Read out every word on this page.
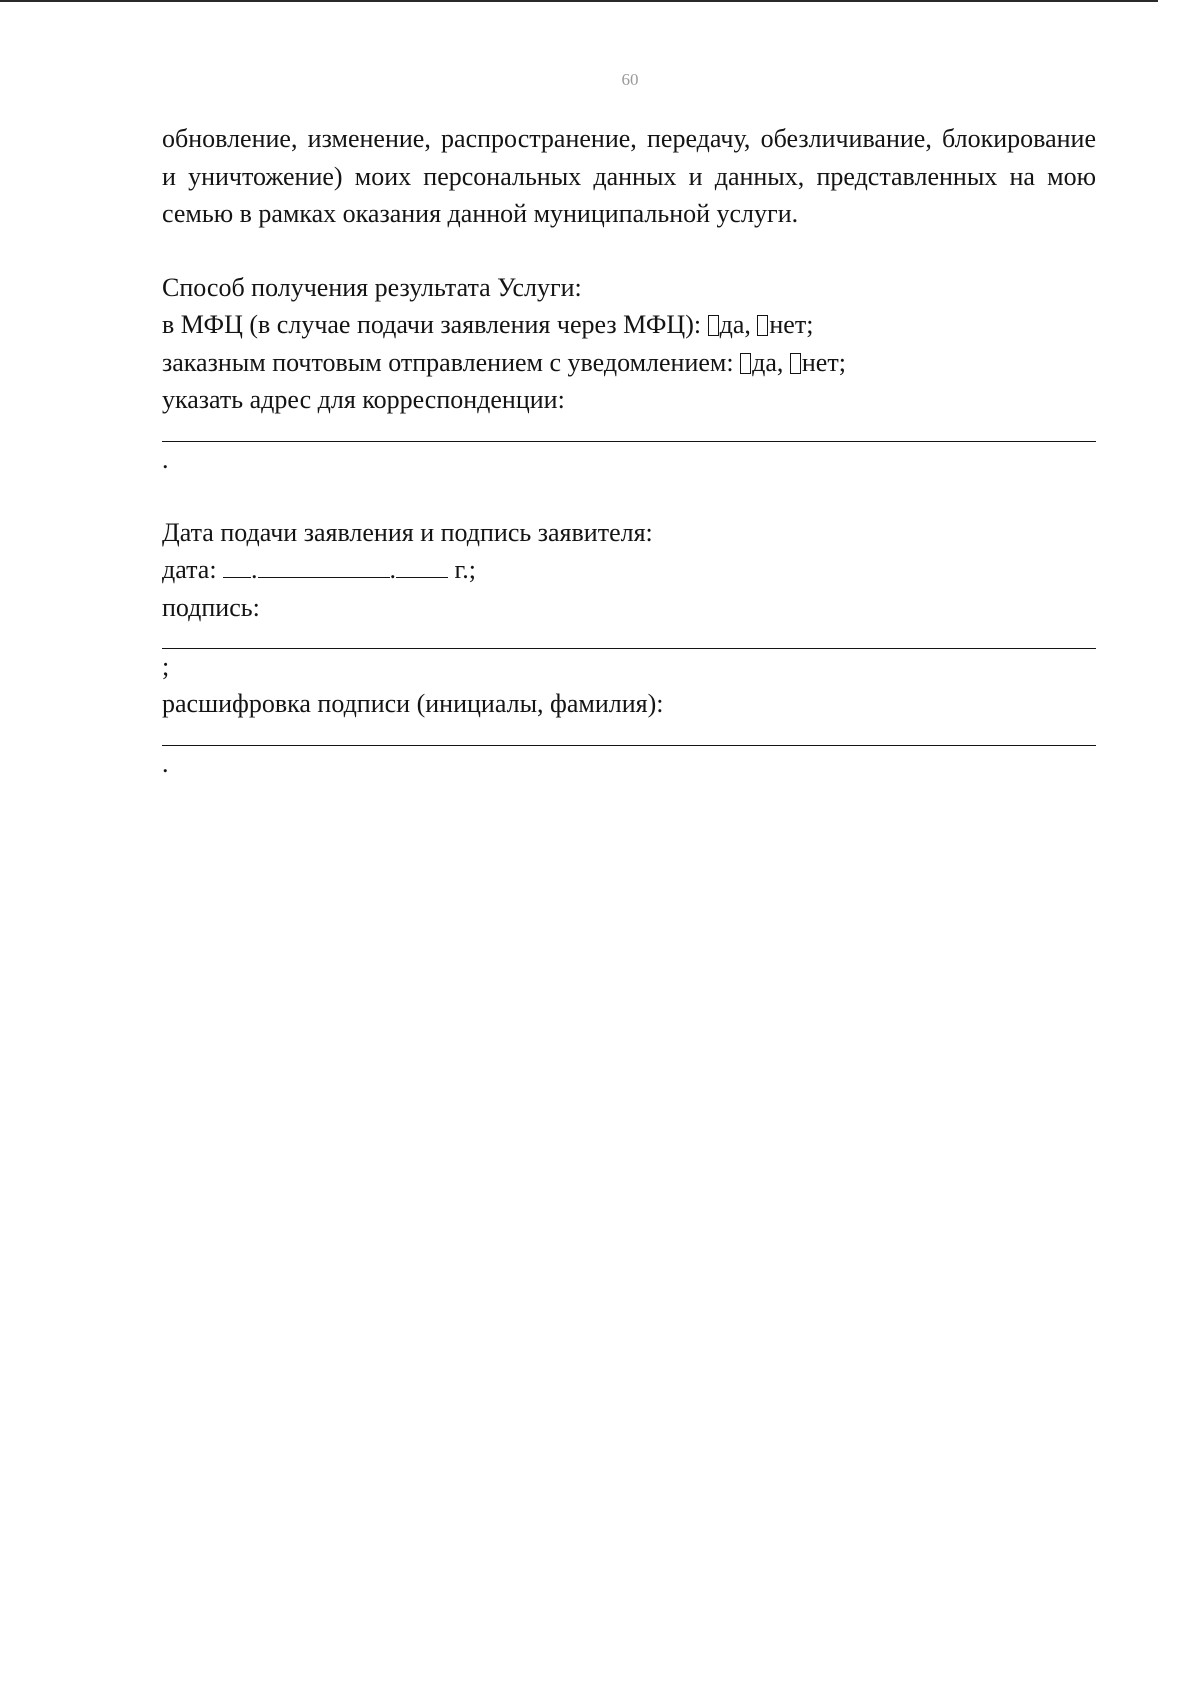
60

обновление, изменение, распространение, передачу, обезличивание, блокирование и уничтожение) моих персональных данных и данных, представленных на мою семью в рамках оказания данной муниципальной услуги.

Способ получения результата Услуги:

в МФЦ (в случае подачи заявления через МФЦ): да, нет;

заказным почтовым отправлением с уведомлением: да, нет;

указать адрес для корреспонденции:

.

Дата подачи заявления и подпись заявителя:

дата: .	. г.;

подпись:

;

расшифровка подписи (инициалы, фамилия):

.
